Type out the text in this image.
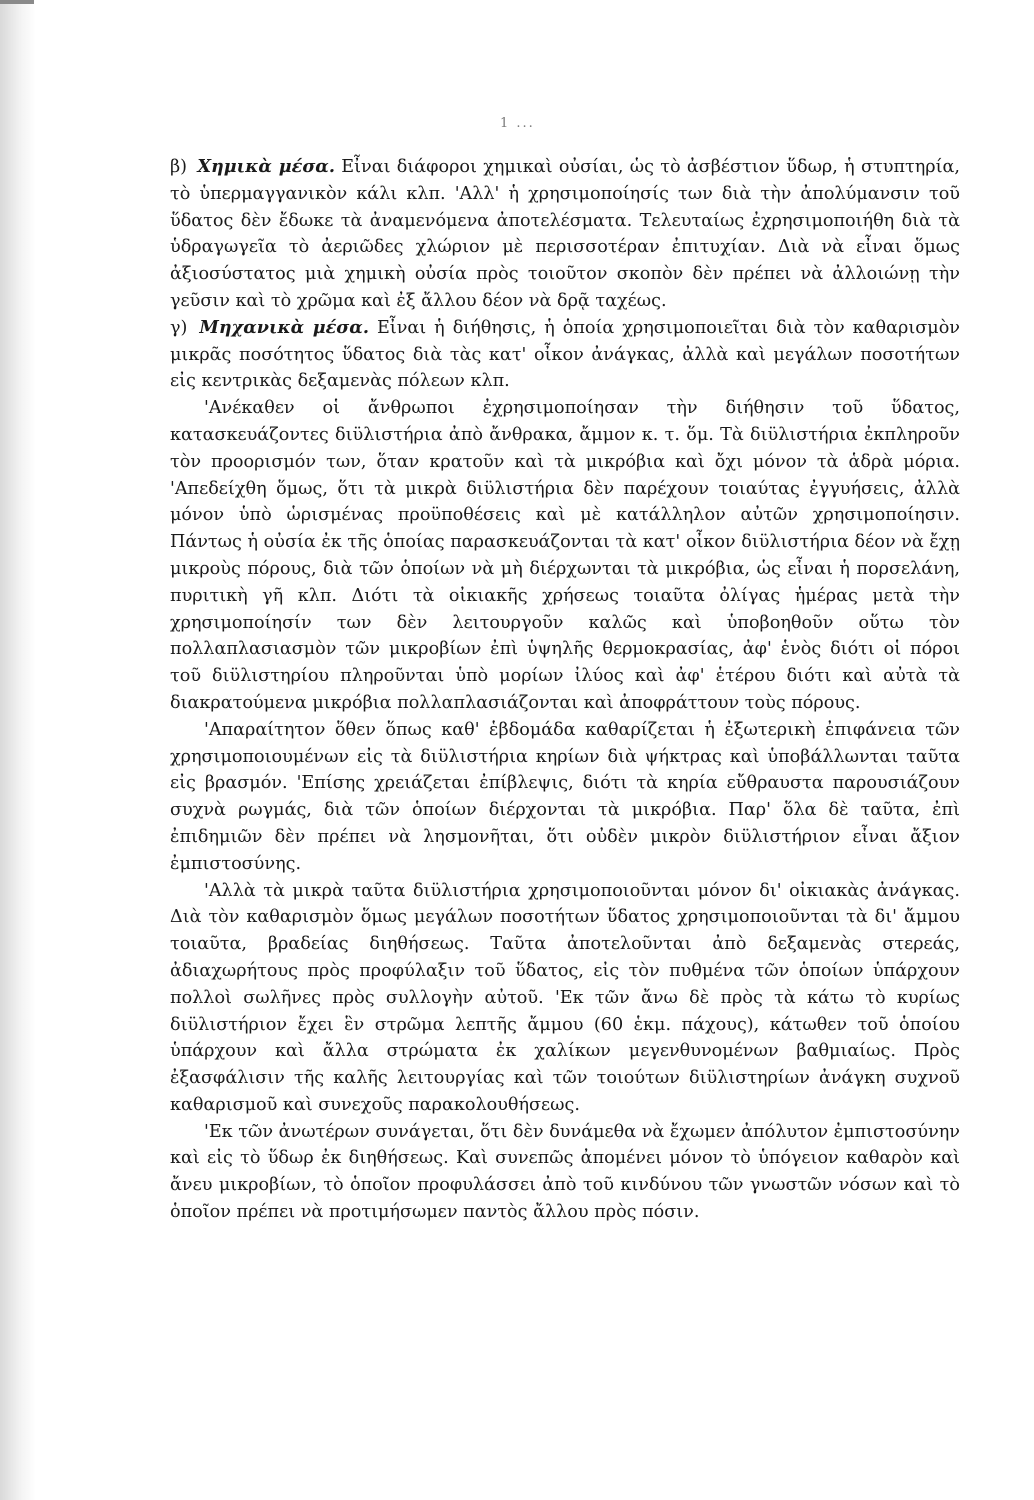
1 ...

β) Χημικὰ μέσα. Εἶναι διάφοροι χημικαὶ οὐσίαι, ὡς τὸ ἀσβέστιον ὕδωρ, ἡ στυπτηρία, τὸ ὑπερμαγγανικὸν κάλι κλπ. 'Αλλ' ἡ χρησιμοποίησίς των διὰ τὴν ἀπολύμανσιν τοῦ ὕδατος δὲν ἔδωκε τὰ ἀναμενόμενα ἀποτελέσματα. Τελευταίως ἐχρησιμοποιήθη διὰ τὰ ὑδραγωγεῖα τὸ ἀεριῶδες χλώριον μὲ περισσοτέραν ἐπιτυχίαν. Διὰ νὰ εἶναι ὅμως ἀξιοσύστατος μιὰ χημικὴ οὐσία πρὸς τοιοῦτον σκοπὸν δὲν πρέπει νὰ ἀλλοιώνῃ τὴν γεῦσιν καὶ τὸ χρῶμα καὶ ἐξ ἄλλου δέον νὰ δρᾷ ταχέως.

γ) Μηχανικὰ μέσα. Εἶναι ἡ διήθησις, ἡ ὁποία χρησιμοποιεῖται διὰ τὸν καθαρισμὸν μικρᾶς ποσότητος ὕδατος διὰ τὰς κατ' οἶκον ἀνάγκας, ἀλλὰ καὶ μεγάλων ποσοτήτων εἰς κεντρικὰς δεξαμενὰς πόλεων κλπ.

'Ανέκαθεν οἱ ἄνθρωποι ἐχρησιμοποίησαν τὴν διήθησιν τοῦ ὕδατος, κατασκευάζοντες διϋλιστήρια ἀπὸ ἄνθρακα, ἄμμον κ. τ. ὅμ. Τὰ διϋλιστήρια ἐκπληροῦν τὸν προορισμόν των, ὅταν κρατοῦν καὶ τὰ μικρόβια καὶ ὄχι μόνον τὰ ἁδρὰ μόρια. 'Απεδείχθη ὅμως, ὅτι τὰ μικρὰ διϋλιστήρια δὲν παρέχουν τοιαύτας ἐγγυήσεις, ἀλλὰ μόνον ὑπὸ ὡρισμένας προϋποθέσεις καὶ μὲ κατάλληλον αὐτῶν χρησιμοποίησιν. Πάντως ἡ οὐσία ἐκ τῆς ὁποίας παρασκευάζονται τὰ κατ' οἶκον διϋλιστήρια δέον νὰ ἔχῃ μικροὺς πόρους, διὰ τῶν ὁποίων νὰ μὴ διέρχωνται τὰ μικρόβια, ὡς εἶναι ἡ πορσελάνη, πυριτικὴ γῆ κλπ. Διότι τὰ οἰκιακῆς χρήσεως τοιαῦτα ὀλίγας ἡμέρας μετὰ τὴν χρησιμοποίησίν των δὲν λειτουργοῦν καλῶς καὶ ὑποβοηθοῦν οὕτω τὸν πολλαπλασιασμὸν τῶν μικροβίων ἐπὶ ὑψηλῆς θερμοκρασίας, ἀφ' ἑνὸς διότι οἱ πόροι τοῦ διϋλιστηρίου πληροῦνται ὑπὸ μορίων ἰλύος καὶ ἀφ' ἑτέρου διότι καὶ αὐτὰ τὰ διακρατούμενα μικρόβια πολλαπλασιάζονται καὶ ἀποφράττουν τοὺς πόρους.

'Απαραίτητον ὅθεν ὅπως καθ' ἑβδομάδα καθαρίζεται ἡ ἐξωτερικὴ ἐπιφάνεια τῶν χρησιμοποιουμένων εἰς τὰ διϋλιστήρια κηρίων διὰ ψήκτρας καὶ ὑποβάλλωνται ταῦτα εἰς βρασμόν. 'Επίσης χρειάζεται ἐπίβλεψις, διότι τὰ κηρία εὔθραυστα παρουσιάζουν συχνὰ ρωγμάς, διὰ τῶν ὁποίων διέρχονται τὰ μικρόβια. Παρ' ὅλα δὲ ταῦτα, ἐπὶ ἐπιδημιῶν δὲν πρέπει νὰ λησμονῆται, ὅτι οὐδὲν μικρὸν διϋλιστήριον εἶναι ἄξιον ἐμπιστοσύνης.

'Αλλὰ τὰ μικρὰ ταῦτα διϋλιστήρια χρησιμοποιοῦνται μόνον δι' οἰκιακὰς ἀνάγκας. Διὰ τὸν καθαρισμὸν ὅμως μεγάλων ποσοτήτων ὕδατος χρησιμοποιοῦνται τὰ δι' ἄμμου τοιαῦτα, βραδείας διηθήσεως. Ταῦτα ἀποτελοῦνται ἀπὸ δεξαμενὰς στερεάς, ἀδιαχωρήτους πρὸς προφύλαξιν τοῦ ὕδατος, εἰς τὸν πυθμένα τῶν ὁποίων ὑπάρχουν πολλοὶ σωλῆνες πρὸς συλλογὴν αὐτοῦ. 'Εκ τῶν ἄνω δὲ πρὸς τὰ κάτω τὸ κυρίως διϋλιστήριον ἔχει ἓν στρῶμα λεπτῆς ἄμμου (60 ἑκμ. πάχους), κάτωθεν τοῦ ὁποίου ὑπάρχουν καὶ ἄλλα στρώματα ἐκ χαλίκων μεγενθυνομένων βαθμιαίως. Πρὸς ἐξασφάλισιν τῆς καλῆς λειτουργίας καὶ τῶν τοιούτων διϋλιστηρίων ἀνάγκη συχνοῦ καθαρισμοῦ καὶ συνεχοῦς παρακολουθήσεως.

'Εκ τῶν ἀνωτέρων συνάγεται, ὅτι δὲν δυνάμεθα νὰ ἔχωμεν ἀπόλυτον ἐμπιστοσύνην καὶ εἰς τὸ ὕδωρ ἐκ διηθήσεως. Καὶ συνεπῶς ἀπομένει μόνον τὸ ὑπόγειον καθαρὸν καὶ ἄνευ μικροβίων, τὸ ὁποῖον προφυλάσσει ἀπὸ τοῦ κινδύνου τῶν γνωστῶν νόσων καὶ τὸ ὁποῖον πρέπει νὰ προτιμήσωμεν παντὸς ἄλλου πρὸς πόσιν.
